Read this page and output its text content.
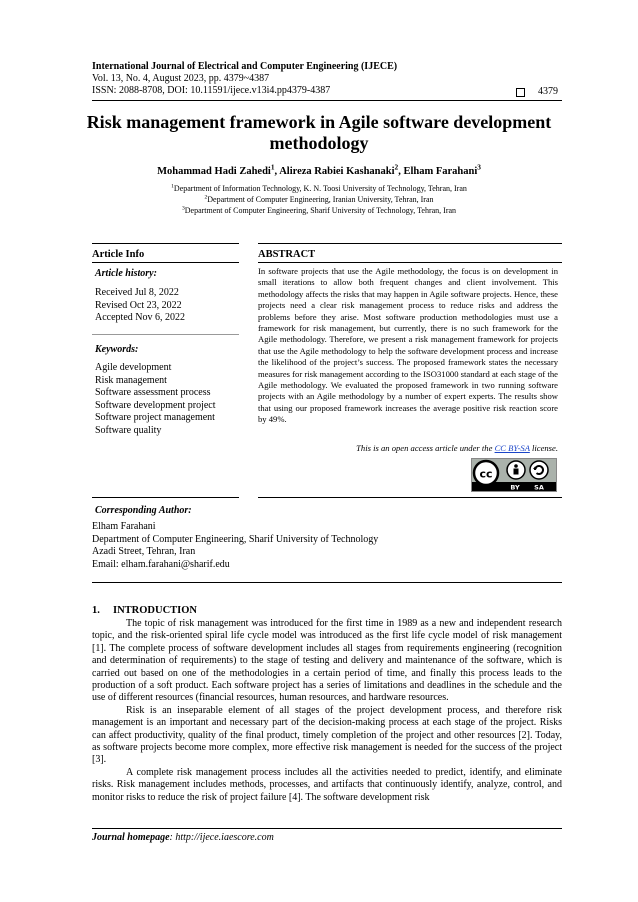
International Journal of Electrical and Computer Engineering (IJECE)
Vol. 13, No. 4, August 2023, pp. 4379~4387
ISSN: 2088-8708, DOI: 10.11591/ijece.v13i4.pp4379-4387	4379
Risk management framework in Agile software development methodology
Mohammad Hadi Zahedi$^1$, Alireza Rabiei Kashanaki$^2$, Elham Farahani$^3$
$^1$Department of Information Technology, K. N. Toosi University of Technology, Tehran, Iran
$^2$Department of Computer Engineering, Iranian University, Tehran, Iran
$^3$Department of Computer Engineering, Sharif University of Technology, Tehran, Iran
Article Info	ABSTRACT
Article history:
Received Jul 8, 2022
Revised Oct 23, 2022
Accepted Nov 6, 2022
Keywords:
Agile development
Risk management
Software assessment process
Software development project
Software project management
Software quality
In software projects that use the Agile methodology, the focus is on development in small iterations to allow both frequent changes and client involvement. This methodology affects the risks that may happen in Agile software projects. Hence, these projects need a clear risk management process to reduce risks and address the problems before they arise. Most software production methodologies must use a framework for risk management, but currently, there is no such framework for the Agile methodology. Therefore, we present a risk management framework for projects that use the Agile methodology to help the software development process and increase the likelihood of the project’s success. The proposed framework states the necessary measures for risk management according to the ISO31000 standard at each stage of the Agile methodology. We evaluated the proposed framework in two running software projects with an Agile methodology by a number of expert experts. The results show that using our proposed framework increases the average positive risk reaction score by 49%.
This is an open access article under the CC BY-SA license.
cc
BY SA
Corresponding Author:
Elham Farahani
Department of Computer Engineering, Sharif University of Technology
Azadi Street, Tehran, Iran
Email: elham.farahani@sharif.edu
1. INTRODUCTION

The topic of risk management was introduced for the first time in 1989 as a new and independent research topic, and the risk-oriented spiral life cycle model was introduced as the first life cycle model of risk management [1]. The complete process of software development includes all stages from requirements engineering (recognition and determination of requirements) to the stage of testing and delivery and maintenance of the software, which is carried out based on one of the methodologies in a certain period of time, and finally this process leads to the production of a soft product. Each software project has a series of limitations and deadlines in the schedule and the use of different resources (financial resources, human resources, and hardware resources.

Risk is an inseparable element of all stages of the project development process, and therefore risk management is an important and necessary part of the decision-making process at each stage of the project. Risks can affect productivity, quality of the final product, timely completion of the project and other resources [2]. Today, as software projects become more complex, more effective risk management is needed for the success of the project [3].

A complete risk management process includes all the activities needed to predict, identify, and eliminate risks. Risk management includes methods, processes, and artifacts that continuously identify, analyze, control, and monitor risks to reduce the risk of project failure [4]. The software development risk

Journal homepage: http://ijece.iaescore.com
